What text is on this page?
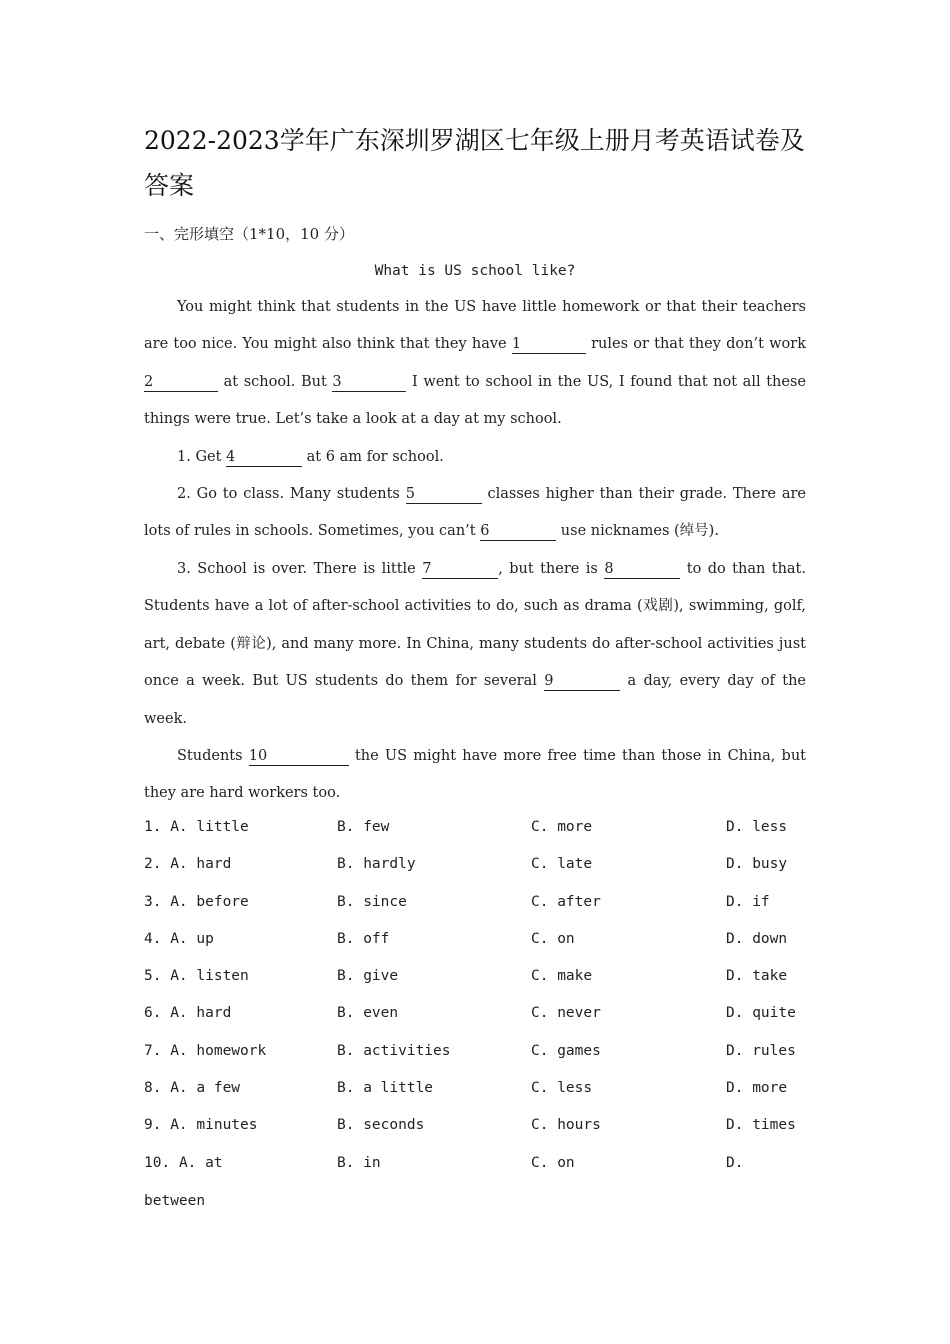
2022-2023学年广东深圳罗湖区七年级上册月考英语试卷及答案
一、完形填空（1*10，10 分）
What is US school like?

You might think that students in the US have little homework or that their teachers are too nice. You might also think that they have 1	rules or that they don’t work 2	at school. But 3	I went to school in the US, I found that not all these things were true. Let’s take a look at a day at my school.

1. Get 4	at 6 am for school.

2. Go to class. Many students 5	classes higher than their grade. There are lots of rules in schools. Sometimes, you can’t 6	use nicknames (绰号).

3. School is over. There is little 7	, but there is 8	to do than that. Students have a lot of after-school activities to do, such as drama (戏剧), swimming, golf, art, debate (辩论), and many more. In China, many students do after-school activities just once a week. But US students do them for several 9	a day, every day of the week.

Students 10	the US might have more free time than those in China, but they are hard workers too.

1. A. little	B. few	C. more	D. less
2. A. hard	B. hardly	C. late	D. busy
3. A. before	B. since	C. after	D. if
4. A. up	B. off	C. on	D. down
5. A. listen	B. give	C. make	D. take
6. A. hard	B. even	C. never	D. quite
7. A. homework	B. activities	C. games	D. rules
8. A. a few	B. a little	C. less	D. more
9. A. minutes	B. seconds	C. hours	D. times
10. A. at	B. in	C. on	D.
between
